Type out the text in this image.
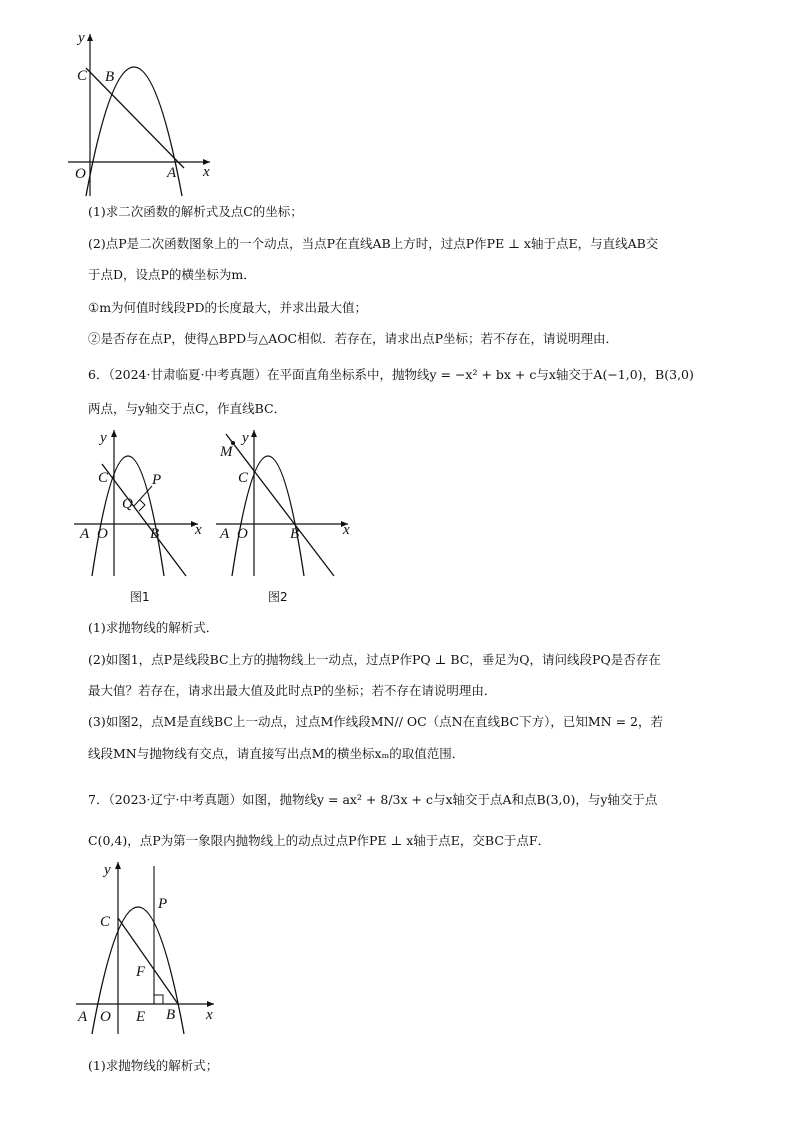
y
x
O
C B
A
(1)求二次函数的解析式及点C的坐标；
(2)点P是二次函数图象上的一个动点，当点P在直线AB上方时，过点P作PE ⊥ x轴于点E，与直线AB交
于点D，设点P的横坐标为m．
①m为何值时线段PD的长度最大，并求出最大值；
②是否存在点P，使得△BPD与△AOC相似．若存在，请求出点P坐标；若不存在，请说明理由．
6．（2024·甘肃临夏·中考真题）在平面直角坐标系中，抛物线y = −x² + bx + c与x轴交于A(−1,0)，B(3,0)
两点，与y轴交于点C，作直线BC．
y
x
A O	B
C	P
Q
图1
y
x
A O	B
C
M
图2
(1)求抛物线的解析式．
(2)如图1，点P是线段BC上方的抛物线上一动点，过点P作PQ ⊥ BC，垂足为Q，请问线段PQ是否存在
最大值？若存在，请求出最大值及此时点P的坐标；若不存在请说明理由．
(3)如图2，点M是直线BC上一动点，过点M作线段MN// OC（点N在直线BC下方），已知MN = 2，若
线段MN与抛物线有交点，请直接写出点M的横坐标xₘ的取值范围．
7．（2023·辽宁·中考真题）如图，抛物线y = ax² + 8/3x + c与x轴交于点A和点B(3,0)，与y轴交于点
C(0,4)，点P为第一象限内抛物线上的动点过点P作PE ⊥ x轴于点E，交BC于点F．
y
x
A O E B
C
P
F
(1)求抛物线的解析式；
